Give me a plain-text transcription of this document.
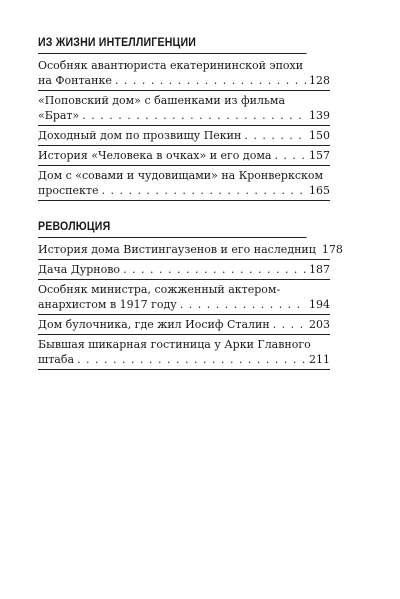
ИЗ ЖИЗНИ ИНТЕЛЛИГЕНЦИИ
Особняк авантюриста екатерининской эпохи
на Фонтанке . . .	128
«Поповский дом» с башенками из фильма
«Брат» . . .	139
Доходный дом по прозвищу Пекин . . .	150
История «Человека в очках» и его дома . . .	157
Дом с «совами и чудовищами» на Кронверкском
проспекте . . .	165
РЕВОЛЮЦИЯ
История дома Вистингаузенов и его наследниц 178
Дача Дурново . . .	187
Особняк министра, сожженный актером-
анархистом в 1917 году . . .	194
Дом булочника, где жил Иосиф Сталин . . .	203
Бывшая шикарная гостиница у Арки Главного
штаба . . .	211
